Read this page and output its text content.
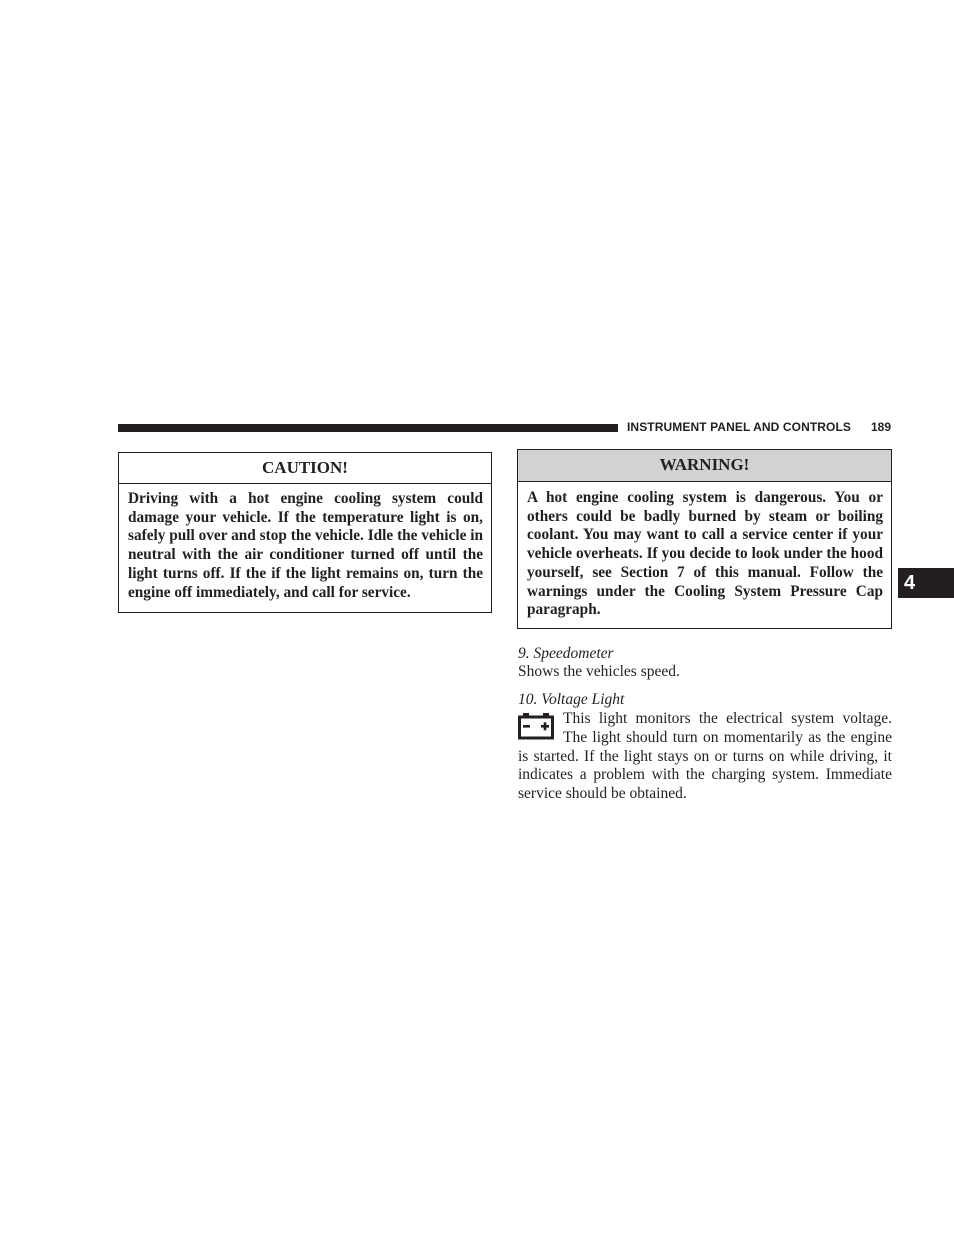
INSTRUMENT PANEL AND CONTROLS 189
CAUTION!
Driving with a hot engine cooling system could damage your vehicle. If the temperature light is on, safely pull over and stop the vehicle. Idle the vehicle in neutral with the air conditioner turned off until the light turns off. If the if the light remains on, turn the engine off immediately, and call for service.
WARNING!
A hot engine cooling system is dangerous. You or others could be badly burned by steam or boiling coolant. You may want to call a service center if your vehicle overheats. If you decide to look under the hood yourself, see Section 7 of this manual. Follow the warnings under the Cooling System Pressure Cap paragraph.
9. Speedometer
Shows the vehicles speed.
10. Voltage Light
This light monitors the electrical system voltage. The light should turn on momentarily as the engine is started. If the light stays on or turns on while driving, it indicates a problem with the charging system. Immediate service should be obtained.
4
